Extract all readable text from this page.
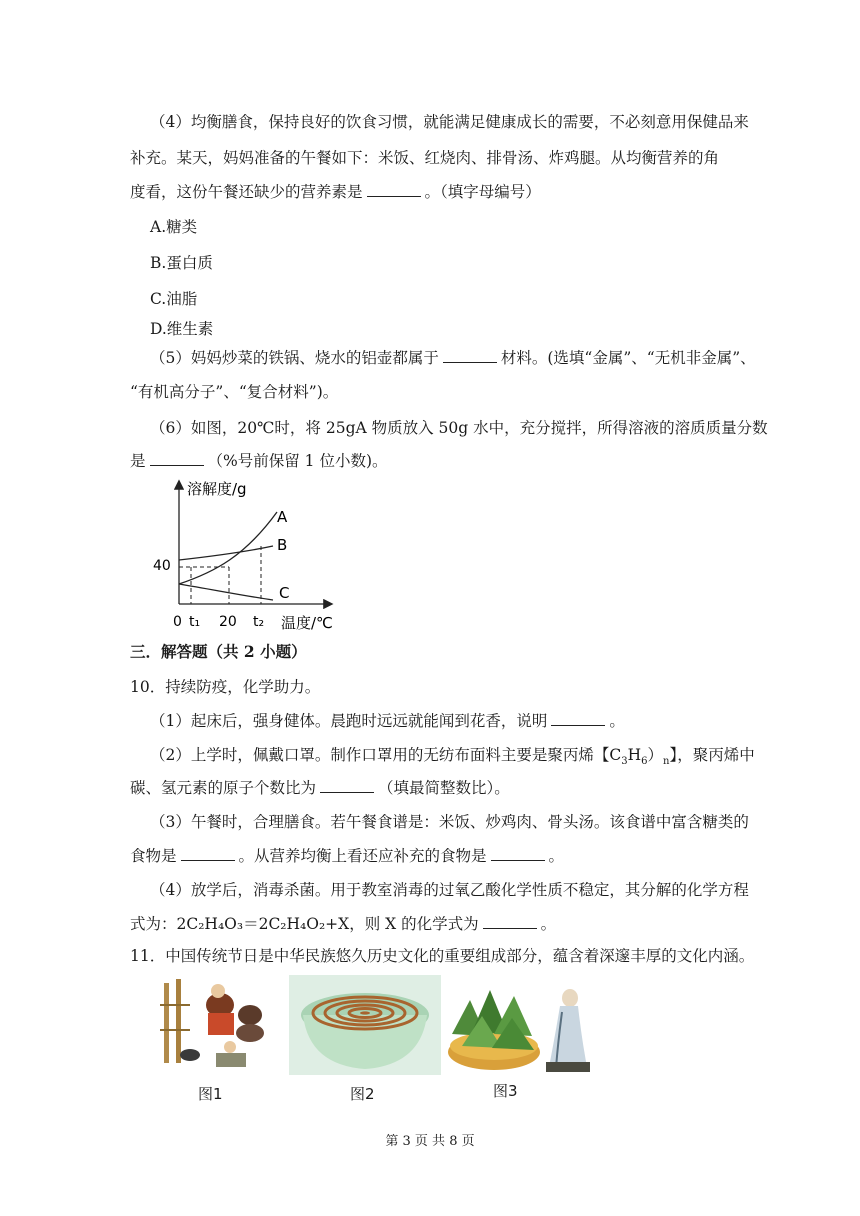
（4）均衡膳食，保持良好的饮食习惯，就能满足健康成长的需要，不必刻意用保健品来
补充。某天，妈妈准备的午餐如下：米饭、红烧肉、排骨汤、炸鸡腿。从均衡营养的角
度看，这份午餐还缺少的营养素是	。（填字母编号）
A.糖类
B.蛋白质
C.油脂
D.维生素
（5）妈妈炒菜的铁锅、烧水的铝壶都属于	材料。(选填“金属”、“无机非金属”、
“有机高分子”、“复合材料”)。
（6）如图，20℃时，将 25gA 物质放入 50g 水中，充分搅拌，所得溶液的溶质质量分数
是	（%号前保留 1 位小数)。
溶解度/g
温度/℃
40
0 t₁ 20 t₂
A
B
C
三．解答题（共 2 小题）
10．持续防疫，化学助力。
（1）起床后，强身健体。晨跑时远远就能闻到花香，说明	。
（2）上学时，佩戴口罩。制作口罩用的无纺布面料主要是聚丙烯【$C_3H_6)_n$】，聚丙烯中
碳、氢元素的原子个数比为	（填最简整数比）。
（3）午餐时，合理膳食。若午餐食谱是：米饭、炒鸡肉、骨头汤。该食谱中富含糖类的
食物是	。从营养均衡上看还应补充的食物是	。
（4）放学后，消毒杀菌。用于教室消毒的过氧乙酸化学性质不稳定，其分解的化学方程
式为：2C₂H₄O₃＝2C₂H₄O₂+X，则 X 的化学式为	。
11．中国传统节日是中华民族悠久历史文化的重要组成部分，蕴含着深邃丰厚的文化内涵。
图1	图2	图3
第 3 页 共 8 页
